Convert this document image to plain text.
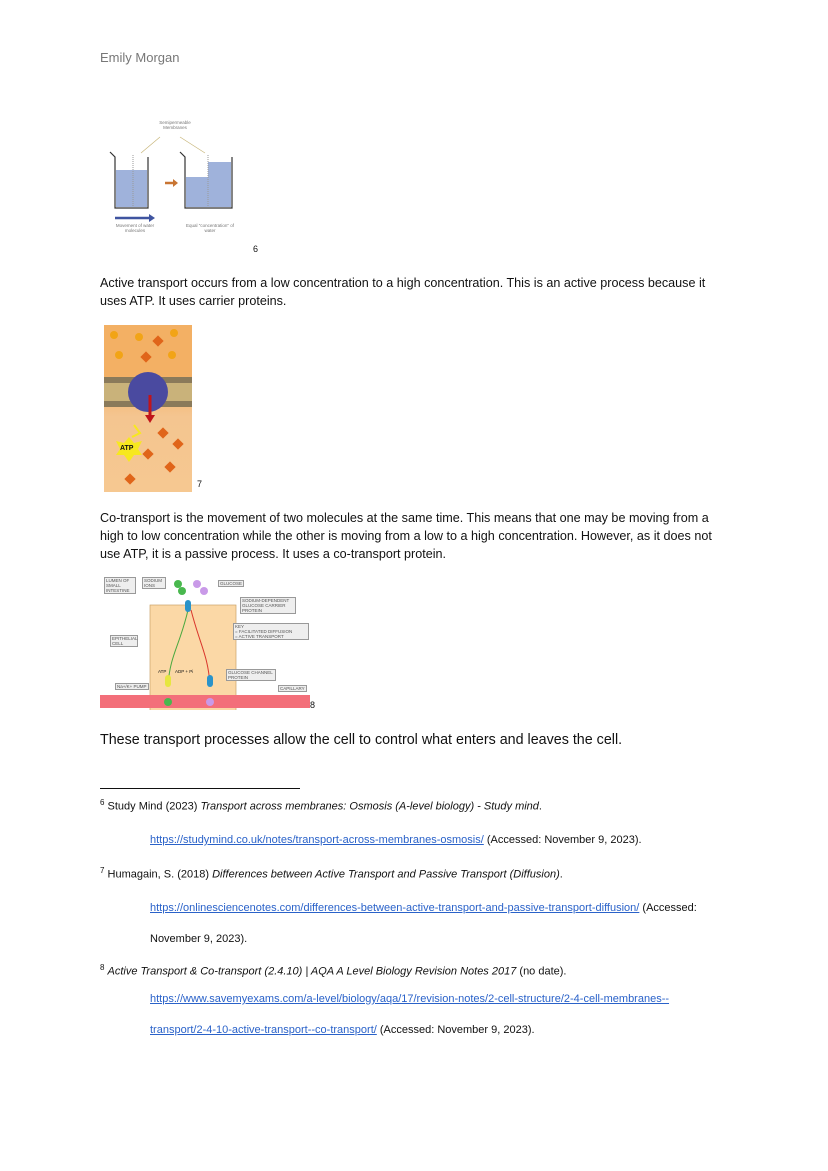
Emily Morgan
Semipermeable Membranes
Movement of water molecules
Equal "concentration" of water
6
Active transport occurs from a low concentration to a high concentration. This is an active process because it uses ATP. It uses carrier proteins.
ATP
7
Co-transport is the movement of two molecules at the same time. This means that one may be moving from a high to low concentration while the other is moving from a low to a high concentration. However, as it does not use ATP, it is a passive process. It uses a co-transport protein.
LUMEN OF SMALL INTESTINE
SODIUM IONS	GLUCOSE
SODIUM-DEPENDENT GLUCOSE CARRIER PROTEIN
KEY
= FACILITATED DIFFUSION
= ACTIVE TRANSPORT
EPITHELIAL CELL
ATP ADP + Pi	GLUCOSE CHANNEL PROTEIN
Na+/K+ PUMP	CAPILLARY
8
These transport processes allow the cell to control what enters and leaves the cell.
$^6$ Study Mind (2023) Transport across membranes: Osmosis (A-level biology) - Study mind.
https://studymind.co.uk/notes/transport-across-membranes-osmosis/ (Accessed: November 9, 2023).
$^7$ Humagain, S. (2018) Differences between Active Transport and Passive Transport (Diffusion).
https://onlinesciencenotes.com/differences-between-active-transport-and-passive-transport-diffusion/ (Accessed:
November 9, 2023).
$^8$ Active Transport & Co-transport (2.4.10) | AQA A Level Biology Revision Notes 2017 (no date).
https://www.savemyexams.com/a-level/biology/aqa/17/revision-notes/2-cell-structure/2-4-cell-membranes--
transport/2-4-10-active-transport--co-transport/ (Accessed: November 9, 2023).
